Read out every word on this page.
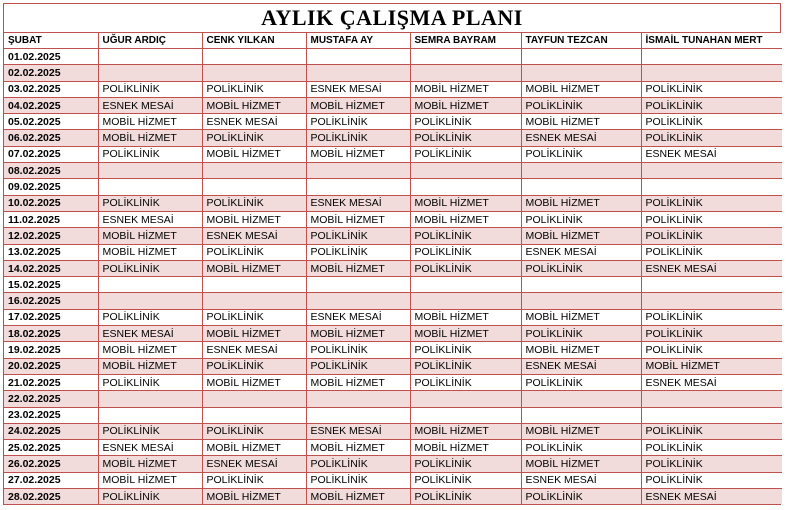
AYLIK ÇALIŞMA PLANI
ŞUBAT	UĞUR ARDIÇ	CENK YILKAN	MUSTAFA AY	SEMRA BAYRAM	TAYFUN TEZCAN	İSMAİL TUNAHAN MERT
01.02.2025						
02.02.2025						
03.02.2025	POLİKLİNİK	POLİKLİNİK	ESNEK MESAİ	MOBİL HİZMET	MOBİL HİZMET	POLİKLİNİK
04.02.2025	ESNEK MESAİ	MOBİL HİZMET	MOBİL HİZMET	MOBİL HİZMET	POLİKLİNİK	POLİKLİNİK
05.02.2025	MOBİL HİZMET	ESNEK MESAİ	POLİKLİNİK	POLİKLİNİK	MOBİL HİZMET	POLİKLİNİK
06.02.2025	MOBİL HİZMET	POLİKLİNİK	POLİKLİNİK	POLİKLİNİK	ESNEK MESAİ	POLİKLİNİK
07.02.2025	POLİKLİNİK	MOBİL HİZMET	MOBİL HİZMET	POLİKLİNİK	POLİKLİNİK	ESNEK MESAİ
08.02.2025						
09.02.2025						
10.02.2025	POLİKLİNİK	POLİKLİNİK	ESNEK MESAİ	MOBİL HİZMET	MOBİL HİZMET	POLİKLİNİK
11.02.2025	ESNEK MESAİ	MOBİL HİZMET	MOBİL HİZMET	MOBİL HİZMET	POLİKLİNİK	POLİKLİNİK
12.02.2025	MOBİL HİZMET	ESNEK MESAİ	POLİKLİNİK	POLİKLİNİK	MOBİL HİZMET	POLİKLİNİK
13.02.2025	MOBİL HİZMET	POLİKLİNİK	POLİKLİNİK	POLİKLİNİK	ESNEK MESAİ	POLİKLİNİK
14.02.2025	POLİKLİNİK	MOBİL HİZMET	MOBİL HİZMET	POLİKLİNİK	POLİKLİNİK	ESNEK MESAİ
15.02.2025						
16.02.2025						
17.02.2025	POLİKLİNİK	POLİKLİNİK	ESNEK MESAİ	MOBİL HİZMET	MOBİL HİZMET	POLİKLİNİK
18.02.2025	ESNEK MESAİ	MOBİL HİZMET	MOBİL HİZMET	MOBİL HİZMET	POLİKLİNİK	POLİKLİNİK
19.02.2025	MOBİL HİZMET	ESNEK MESAİ	POLİKLİNİK	POLİKLİNİK	MOBİL HİZMET	POLİKLİNİK
20.02.2025	MOBİL HİZMET	POLİKLİNİK	POLİKLİNİK	POLİKLİNİK	ESNEK MESAİ	MOBİL HİZMET
21.02.2025	POLİKLİNİK	MOBİL HİZMET	MOBİL HİZMET	POLİKLİNİK	POLİKLİNİK	ESNEK MESAİ
22.02.2025						
23.02.2025						
24.02.2025	POLİKLİNİK	POLİKLİNİK	ESNEK MESAİ	MOBİL HİZMET	MOBİL HİZMET	POLİKLİNİK
25.02.2025	ESNEK MESAİ	MOBİL HİZMET	MOBİL HİZMET	MOBİL HİZMET	POLİKLİNİK	POLİKLİNİK
26.02.2025	MOBİL HİZMET	ESNEK MESAİ	POLİKLİNİK	POLİKLİNİK	MOBİL HİZMET	POLİKLİNİK
27.02.2025	MOBİL HİZMET	POLİKLİNİK	POLİKLİNİK	POLİKLİNİK	ESNEK MESAİ	POLİKLİNİK
28.02.2025	POLİKLİNİK	MOBİL HİZMET	MOBİL HİZMET	POLİKLİNİK	POLİKLİNİK	ESNEK MESAİ
